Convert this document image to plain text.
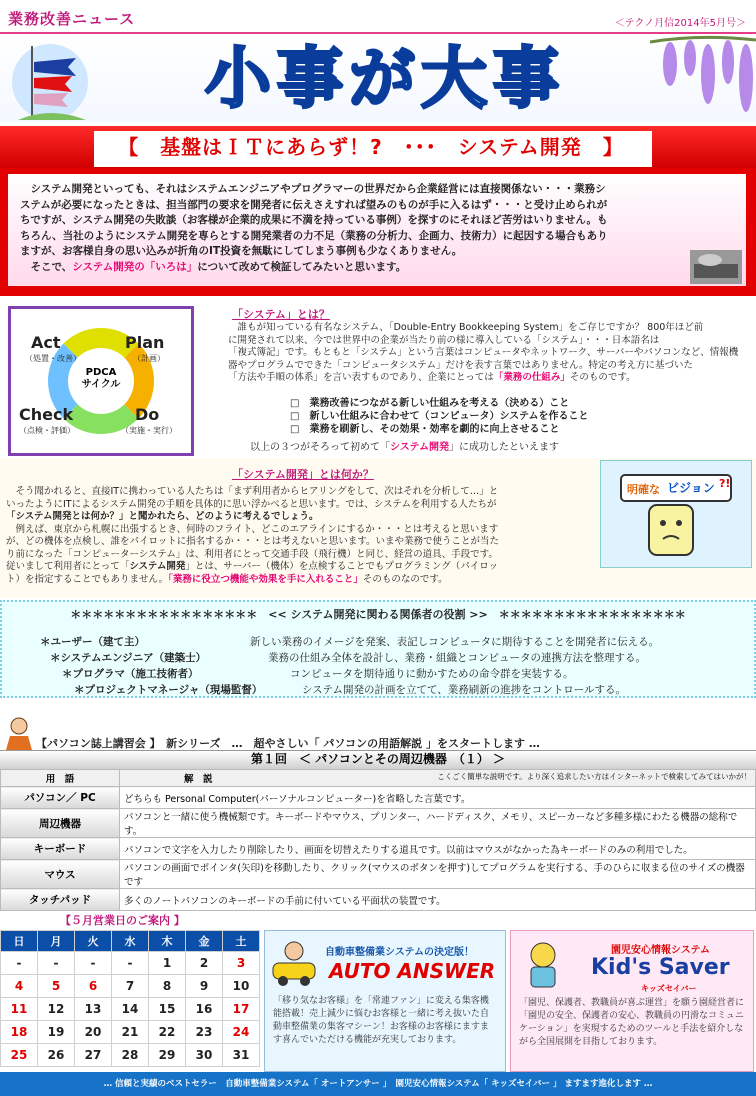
業務改善ニュース	＜テクノ月信2014年5月号＞
小事が大事
【　基盤はＩＴにあらず！?　･･･　システム開発　】
　システム開発といっても、それはシステムエンジニアやプログラマーの世界だから企業経営には直接関係ない・・・業務シ
ステムが必要になったときは、担当部門の要求を開発者に伝えさえすれば望みのものが手に入るはず・・・と受け止められが
ちですが、システム開発の失敗談（お客様が企業的成果に不満を持っている事例）を探すのにそれほど苦労はいりません。も
ちろん、当社のようにシステム開発を専らとする開発業者の力不足（業務の分析力、企画力、技術力）に起因する場合もあり
ますが、お客様自身の思い込みが折角のIT投資を無駄にしてしまう事例も少なくありません。
　そこで、システム開発の「いろは」について改めて検証してみたいと思います。
Act
（処置・改善）
Plan
（計画）
Check
（点検・評価）
Do
（実施・実行）
PDCA
サイクル
「システム」とは？
　誰もが知っている有名なシステム、「Double-Entry Bookkeeping System」をご存じですか？ 800年ほど前
に開発されて以来、今では世界中の企業が当たり前の様に導入している「システム」・・・日本語名は
「複式簿記」です。もともと「システム」という言葉はコンピュータやネットワーク、サーバーやパソコンなど、情報機
器やプログラムでできた「コンピュータシステム」だけを表す言葉ではありません。特定の考え方に基づいた
「方法や手順の体系」を言い表すものであり、企業にとっては「業務の仕組み」そのものです。
□　業務改善につながる新しい仕組みを考える（決める）こと
□　新しい仕組みに合わせて（コンピュータ）システムを作ること
□　業務を刷新し、その効果・効率を劇的に向上させること
以上の３つがそろって初めて「システム開発」に成功したといえます
「システム開発」とは何か？
　そう聞かれると、直接ITに携わっている人たちは「まず利用者からヒアリングをして、次はそれを分析して…」と
いったようにITによるシステム開発の手順を具体的に思い浮かべると思います。では、システムを利用する人たちが
「システム開発とは何か？」と聞かれたら、どのように考えるでしょう。
　例えば、東京から札幌に出張するとき、何時のフライト、どこのエアラインにするか・・・とは考えると思います
が、どの機体を点検し、誰をパイロットに指名するか・・・とは考えないと思います。いまや業務で使うことが当た
り前になった「コンピューターシステム」は、利用者にとって交通手段（飛行機）と同じ、経営の道具、手段です。
従いまして利用者にとって「システム開発」とは、サーバー（機体）を点検することでもプログラミング（パイロッ
ト）を指定することでもありません。「業務に役立つ機能や効果を手に入れること」そのものなのです。
明確な ビジョン ?!
＊＊＊＊＊＊＊＊＊＊＊＊＊＊＊＊＊　<< システム開発に関わる関係者の役割 >>　＊＊＊＊＊＊＊＊＊＊＊＊＊＊＊＊＊
＊ユーザー（建て主）	新しい業務のイメージを発案、表記しコンピュータに期待することを開発者に伝える。
＊システムエンジニア（建築士）	業務の仕組み全体を設計し、業務・組織とコンピュータの連携方法を整理する。
＊プログラマ（施工技術者）	コンピュータを期待通りに動かすための命令群を実装する。
＊プロジェクトマネージャ（現場監督）	システム開発の計画を立てて、業務刷新の進捗をコントロールする。
【パソコン誌上講習会 】　新シリーズ　…　超やさしい「 パソコンの用語解説 」をスタートします …
第１回　＜ パソコンとその周辺機器　（１） ＞
用　語	解　説 こくごく簡単な説明です。より深く追求したい方はインターネットで検索してみてはいかが！

パソコン／ PC	どちらも Personal Computer(パーソナルコンピューター)を省略した言葉です。
周辺機器	パソコンと一緒に使う機械類です。キーボードやマウス、プリンター、ハードディスク、メモリ、スピーカーなど多種多様にわたる機器の総称です。
キーボード	パソコンで文字を入力したり削除したり、画面を切替えたりする道具です。以前はマウスがなかった為キーボードのみの利用でした。
マウス	パソコンの画面でポインタ(矢印)を移動したり、クリック(マウスのボタンを押す)してプログラムを実行する、手のひらに収まる位のサイズの機器です
タッチパッド	多くのノートパソコンのキーボードの手前に付いている平面状の装置です。
【５月営業日のご案内 】
日	月	火	水	木	金	土
-	-	-	-	1	2	3
4	5	6	7	8	9	10
11	12	13	14	15	16	17
18	19	20	21	22	23	24
25	26	27	28	29	30	31
自動車整備業システムの決定版！
AUTO ANSWER
「移り気なお客様」を「常連ファン」に変える集客機能搭載！売上減少に悩むお客様と一緒に考え抜いた自動車整備業の集客マシーン！お客様のお客様にますます喜んでいただける機能が充実しております。
園児安心情報システム
Kid's Saver
キッズセイバー
「園児、保護者、教職員が喜ぶ運営」を願う園経営者に「園児の安全、保護者の安心、教職員の円滑なコミュニケーション」を実現するためのツールと手法を紹介しながら全国展開を目指しております。
… 信頼と実績のベストセラー　自動車整備業システム「 オートアンサー 」　園児安心情報システム「 キッズセイバー 」 ますます進化します …
